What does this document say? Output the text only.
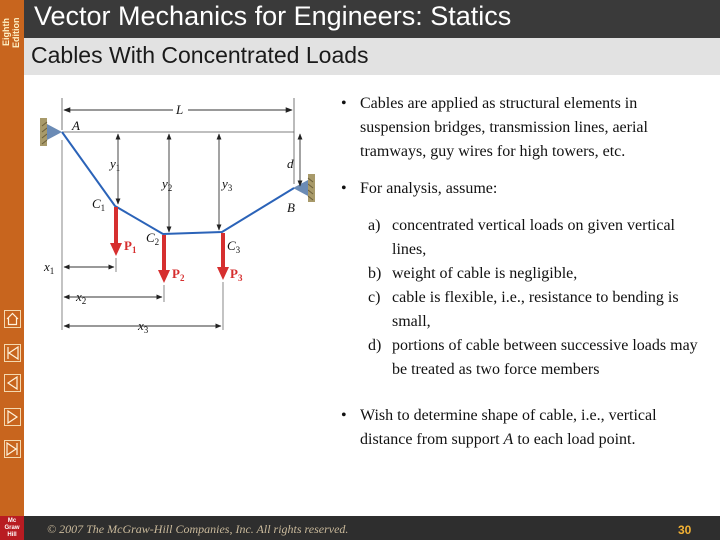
Eighth Edition
Vector Mechanics for Engineers: Statics
Cables With Concentrated Loads
L
A
B
d
$C_1$
$C_2$	$C_3$
$y_1$
$y_2$	$y_3$
$P_1$
$P_2$	$P_3$
$x_1$
$x_2$
$x_3$
• Cables are applied as structural elements in suspension bridges, transmission lines, aerial tramways, guy wires for high towers, etc.
• For analysis, assume:
a) concentrated vertical loads on given vertical lines,
b) weight of cable is negligible,
c) cable is flexible, i.e., resistance to bending is small,
d) portions of cable between successive loads may be treated as two force members
• Wish to determine shape of cable, i.e., vertical distance from support A to each load point.
© 2007 The McGraw-Hill Companies, Inc. All rights reserved.	30
Mc
Graw
Hill
